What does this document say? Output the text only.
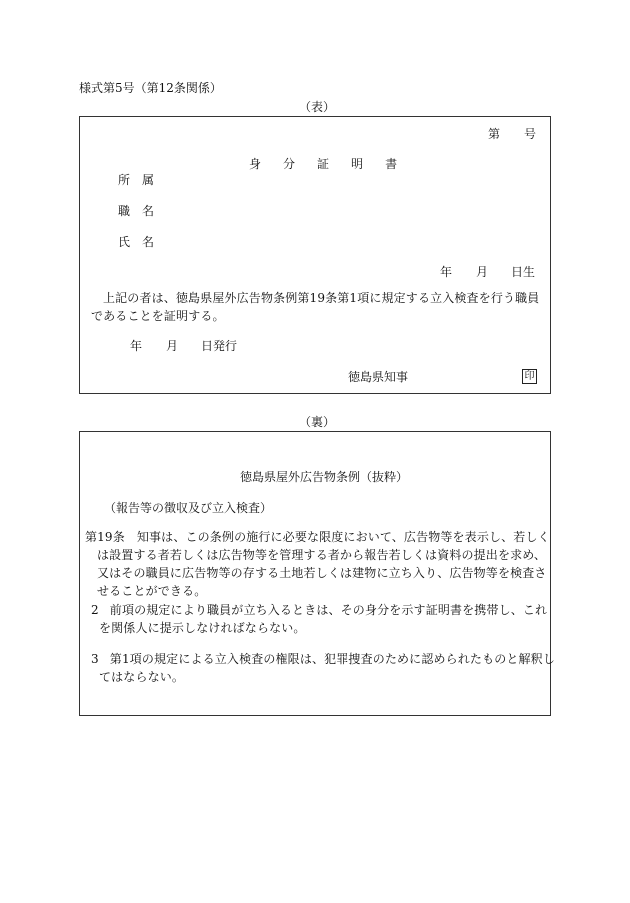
様式第5号（第12条関係）
（表）
第 号
身 分 証 明 書
所 属
職 名
氏 名
年 月 日生
上記の者は、徳島県屋外広告物条例第19条第1項に規定する立入検査を行う職員であることを証明する。
年 月 日発行
徳島県知事	印
（裏）
徳島県屋外広告物条例（抜粋）
（報告等の徴収及び立入検査）
第19条 知事は、この条例の施行に必要な限度において、広告物等を表示し、若しくは設置する者若しくは広告物等を管理する者から報告若しくは資料の提出を求め、又はその職員に広告物等の存する土地若しくは建物に立ち入り、広告物等を検査させることができる。
2 前項の規定により職員が立ち入るときは、その身分を示す証明書を携帯し、これを関係人に提示しなければならない。
3 第1項の規定による立入検査の権限は、犯罪捜査のために認められたものと解釈してはならない。
